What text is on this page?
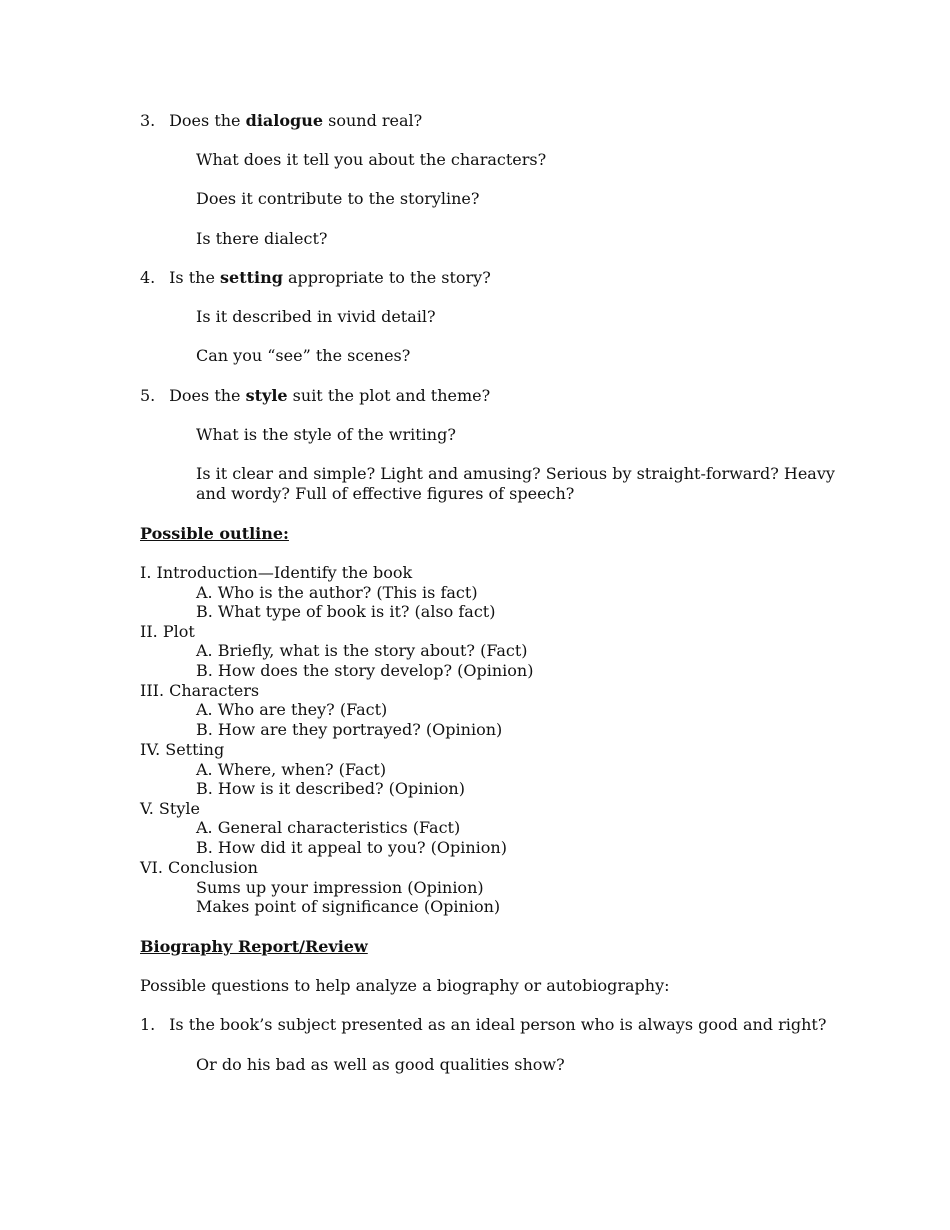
3. Does the dialogue sound real?
What does it tell you about the characters?
Does it contribute to the storyline?
Is there dialect?
4. Is the setting appropriate to the story?
Is it described in vivid detail?
Can you “see” the scenes?
5. Does the style suit the plot and theme?
What is the style of the writing?
Is it clear and simple? Light and amusing? Serious by straight-forward? Heavy
and wordy? Full of effective figures of speech?
Possible outline:
I. Introduction—Identify the book
A. Who is the author? (This is fact)
B. What type of book is it? (also fact)
II. Plot
A. Briefly, what is the story about? (Fact)
B. How does the story develop? (Opinion)
III. Characters
A. Who are they? (Fact)
B. How are they portrayed? (Opinion)
IV. Setting
A. Where, when? (Fact)
B. How is it described? (Opinion)
V. Style
A. General characteristics (Fact)
B. How did it appeal to you? (Opinion)
VI. Conclusion
Sums up your impression (Opinion)
Makes point of significance (Opinion)
Biography Report/Review
Possible questions to help analyze a biography or autobiography:
1. Is the book’s subject presented as an ideal person who is always good and right?
Or do his bad as well as good qualities show?
